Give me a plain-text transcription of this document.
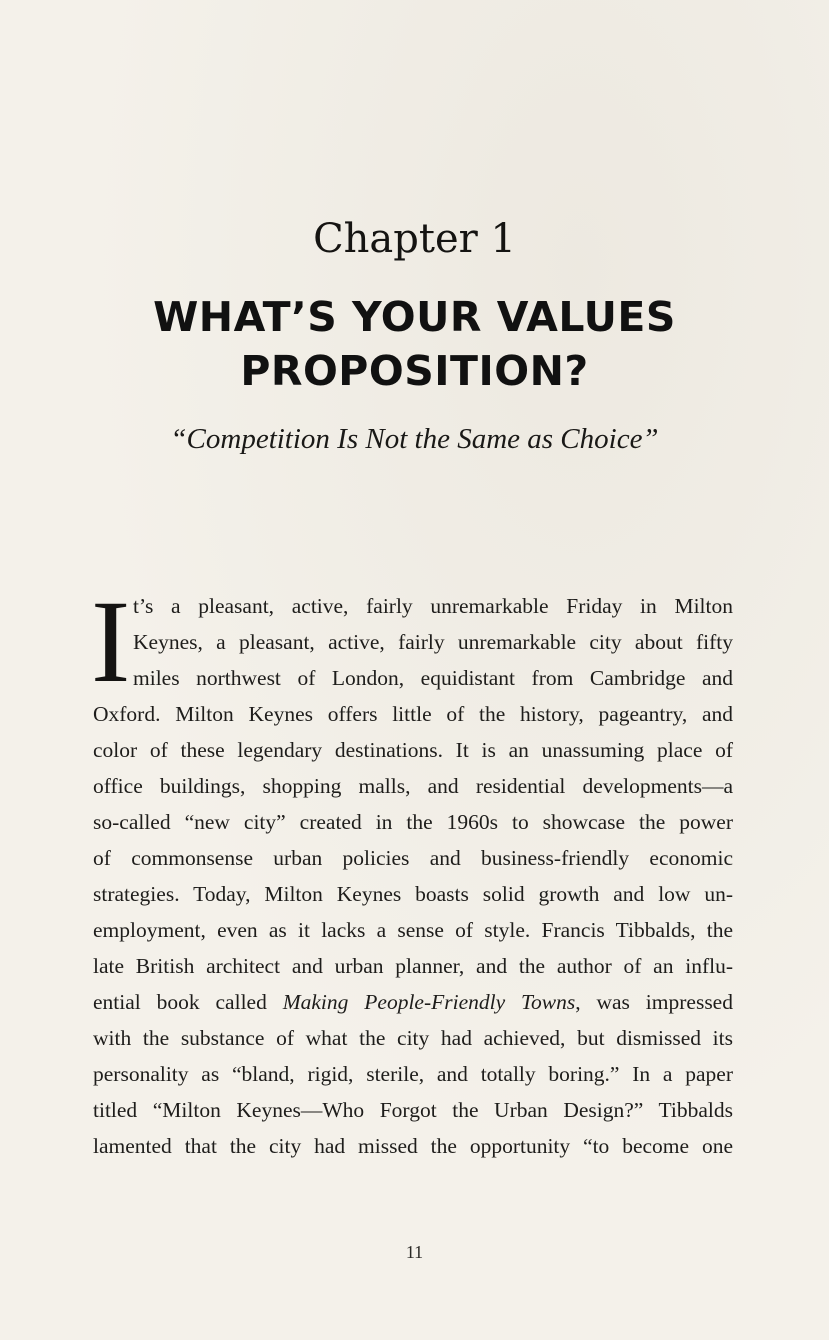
Chapter 1
WHAT’S YOUR VALUES
PROPOSITION?
“Competition Is Not the Same as Choice”
I t’s a pleasant, active, fairly unremarkable Friday in Milton
Keynes, a pleasant, active, fairly unremarkable city about fifty
miles northwest of London, equidistant from Cambridge and
Oxford. Milton Keynes offers little of the history, pageantry, and
color of these legendary destinations. It is an unassuming place of
office buildings, shopping malls, and residential developments—a
so-called “new city” created in the 1960s to showcase the power
of commonsense urban policies and business-friendly economic
strategies. Today, Milton Keynes boasts solid growth and low un-
employment, even as it lacks a sense of style. Francis Tibbalds, the
late British architect and urban planner, and the author of an influ-
ential book called Making People-Friendly Towns, was impressed
with the substance of what the city had achieved, but dismissed its
personality as “bland, rigid, sterile, and totally boring.” In a paper
titled “Milton Keynes—Who Forgot the Urban Design?” Tibbalds
lamented that the city had missed the opportunity “to become one
11
